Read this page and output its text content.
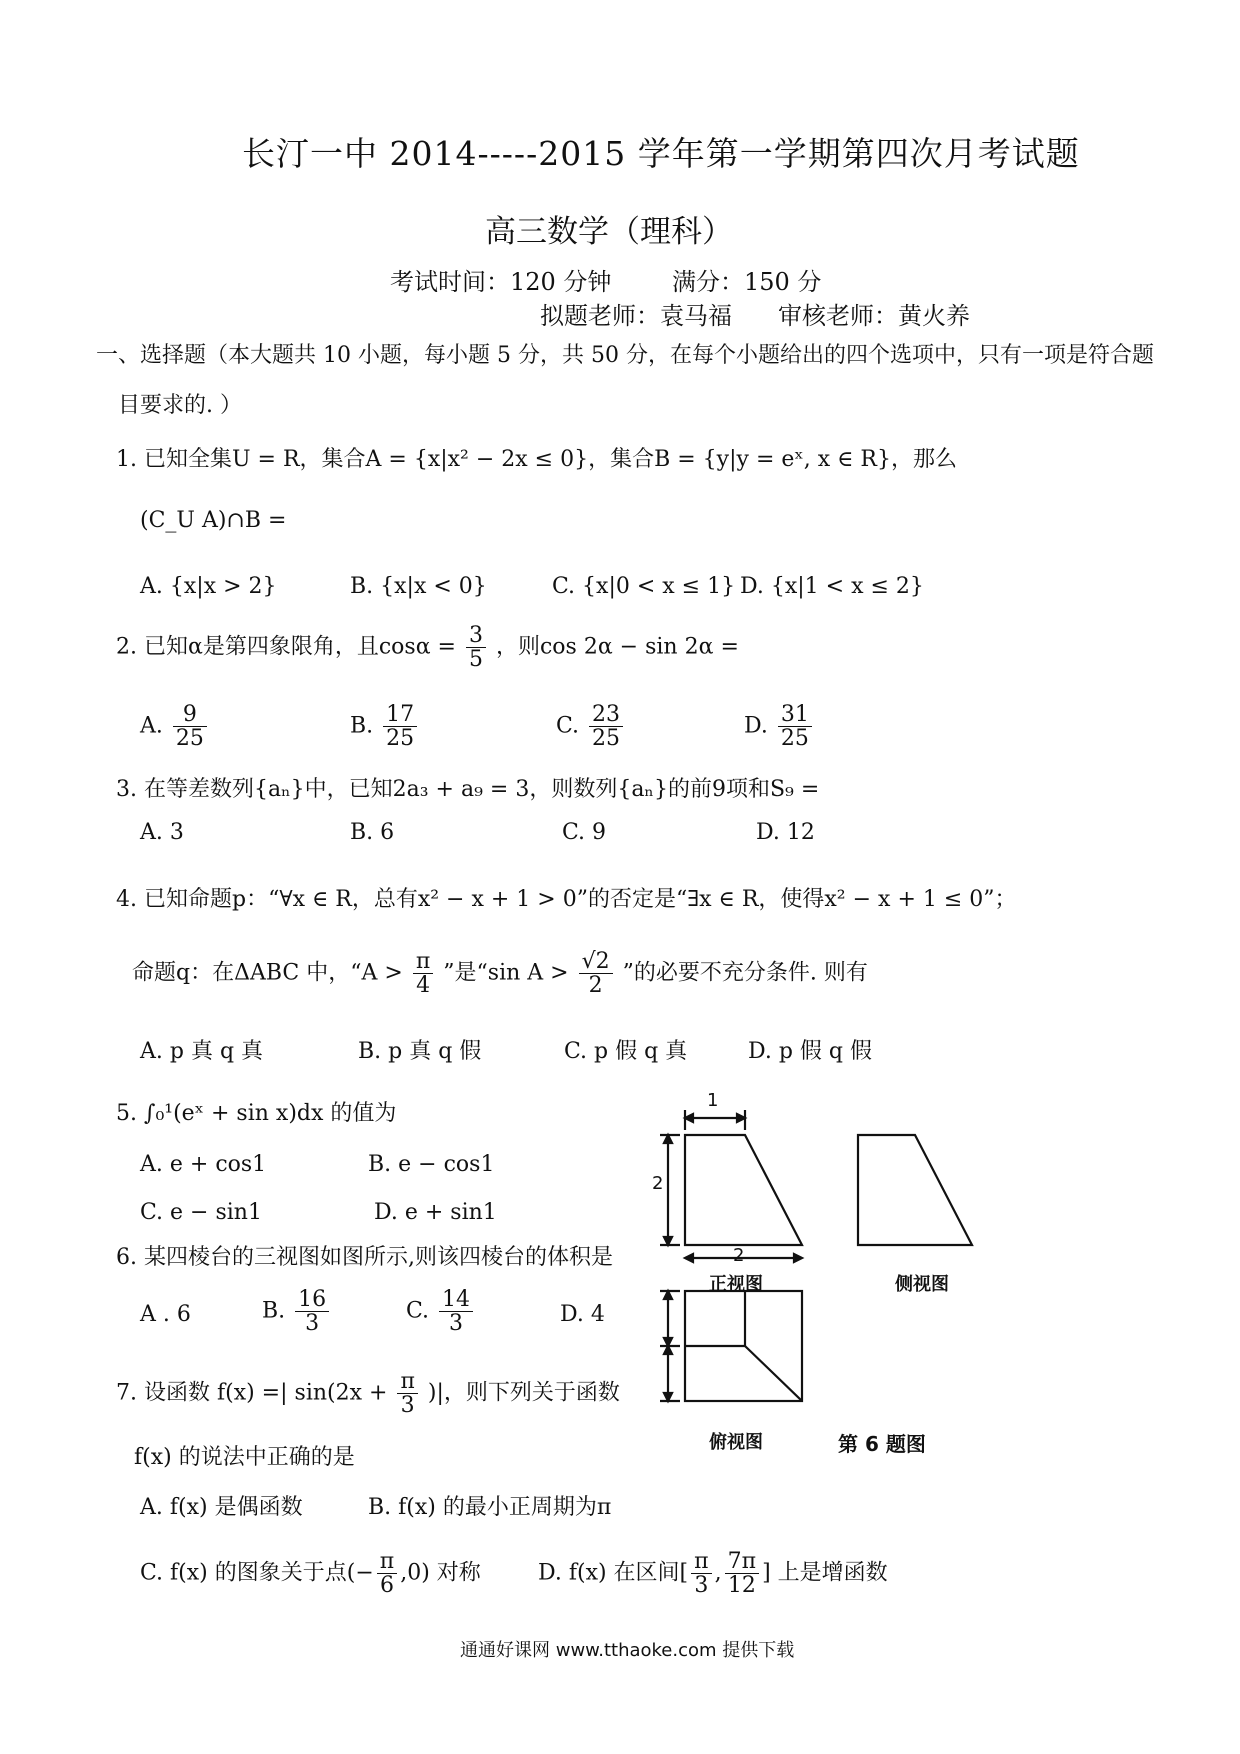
长汀一中 2014-----2015 学年第一学期第四次月考试题
高三数学（理科）
考试时间：120 分钟	满分：150 分
拟题老师：袁马福 审核老师：黄火养
一、选择题（本大题共 10 小题，每小题 5 分，共 50 分，在每个小题给出的四个选项中，只有一项是符合题
目要求的. ）
1. 已知全集U = R，集合A = {x|x² − 2x ≤ 0}，集合B = {y|y = eˣ, x ∈ R}，那么
(C_U A)∩B =
A. {x|x > 2}	B. {x|x < 0}	C. {x|0 < x ≤ 1} D. {x|1 < x ≤ 2}
2. 已知α是第四象限角，且$\cos\alpha = \frac{3}{5}$ ，则cos 2α − sin 2α =
A. $\frac{9}{25}$	B. $\frac{17}{25}$	C. $\frac{23}{25}$	D. $\frac{31}{25}$
3. 在等差数列{aₙ}中，已知2a₃ + a₉ = 3，则数列{aₙ}的前9项和S₉ =
A. 3	B. 6	C. 9	D. 12
4. 已知命题p：“∀x ∈ R，总有x² − x + 1 > 0”的否定是“∃x ∈ R，使得x² − x + 1 ≤ 0”；
命题q：在ΔABC 中，“$A > \frac{\pi}{4}$ ”是“sin $A > \frac{√2}{2}$ ”的必要不充分条件. 则有
A. p 真 q 真	B. p 真 q 假	C. p 假 q 真	D. p 假 q 假
5. ∫₀¹(eˣ + sin x)dx 的值为
A. e + cos1	B. e − cos1
C. e − sin1	D. e + sin1
6. 某四棱台的三视图如图所示,则该四棱台的体积是
A . 6	B. $\frac{16}{3}$	C. $\frac{14}{3}$	D. 4
7. 设函数 f(x) =| $\sin(2x + \frac{\pi}{3}$ )|，则下列关于函数
f(x) 的说法中正确的是
A. f(x) 是偶函数	B. f(x) 的最小正周期为π
C. f(x) 的图象关于点(− $\frac{\pi}{6} ,0$) 对称	D. f(x) 在区间[ $\frac{\pi}{3}$ , $\frac{7\pi}{12}$ ] 上是增函数
1
2
2
正视图	侧视图
俯视图	第 6 题图
通通好课网 www.tthaoke.com 提供下载
